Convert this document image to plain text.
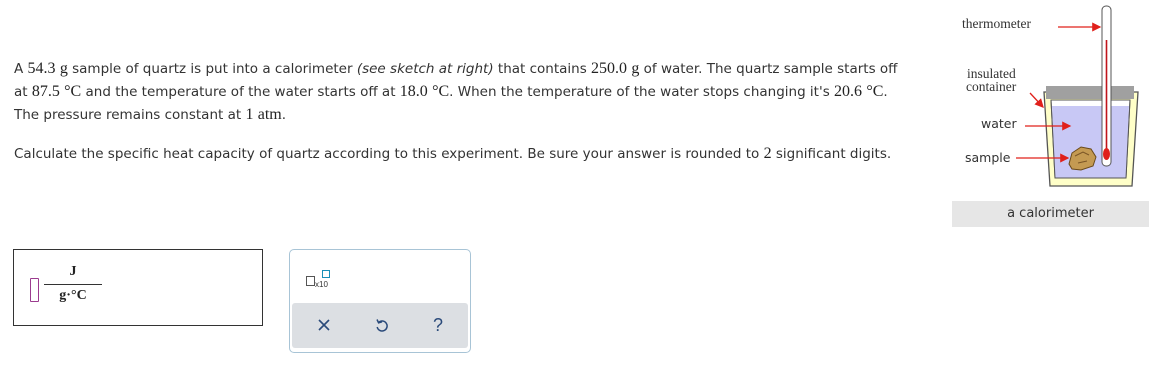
A 54.3 g sample of quartz is put into a calorimeter (see sketch at right) that contains 250.0 g of water. The quartz sample starts off
at 87.5 °C and the temperature of the water starts off at 18.0 °C. When the temperature of the water stops changing it's 20.6 °C.
The pressure remains constant at 1 atm.
Calculate the specific heat capacity of quartz according to this experiment. Be sure your answer is rounded to 2 significant digits.
J
g·°C
x10
?
thermometer
insulated
container
water
sample
a calorimeter
